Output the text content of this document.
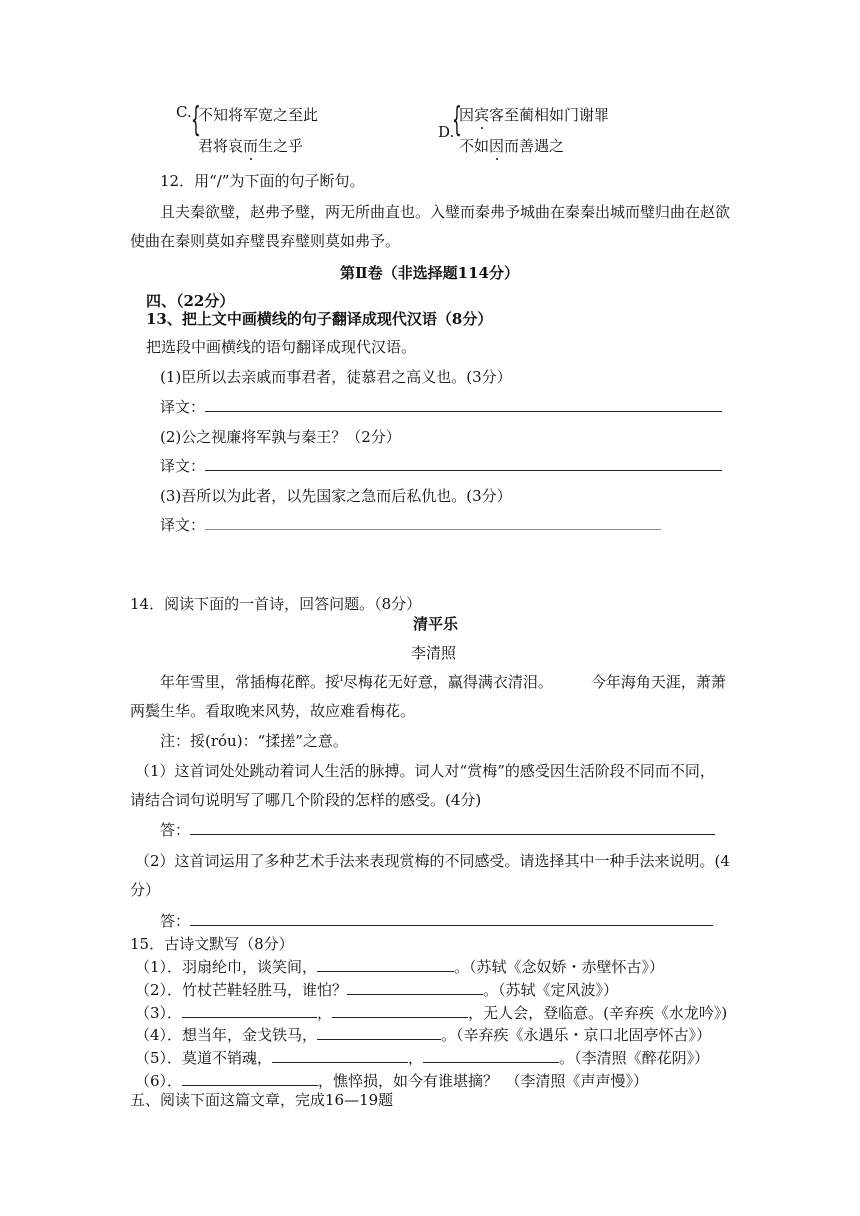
C. {
不知将军宽之至此
君将哀而生之乎
D.
{
因宾客至蔺相如门谢罪
不如因而善遇之
12．用“/”为下面的句子断句。
且夫秦欲璧，赵弗予璧，两无所曲直也。入璧而秦弗予城曲在秦秦出城而璧归曲在赵欲
使曲在秦则莫如弃璧畏弃璧则莫如弗予。
第Ⅱ卷（非选择题114分）
四、（22分）
13、把上文中画横线的句子翻译成现代汉语（8分）
把选段中画横线的语句翻译成现代汉语。
(1)臣所以去亲戚而事君者，徒慕君之高义也。(3分）
译文：
(2)公之视廉将军孰与秦王？（2分）
译文：
(3)吾所以为此者，以先国家之急而后私仇也。(3分）
译文：
14．阅读下面的一首诗，回答问题。（8分）
清平乐
李清照
年年雪里，常插梅花醉。挼$^ɪ$尽梅花无好意，赢得满衣清泪。	今年海角天涯，萧萧
两鬓生华。看取晚来风势，故应难看梅花。
注：挼(róu)：“揉搓”之意。
（1）这首词处处跳动着词人生活的脉搏。词人对“赏梅”的感受因生活阶段不同而不同，
请结合词句说明写了哪几个阶段的怎样的感受。(4分)
答：
（2）这首词运用了多种艺术手法来表现赏梅的不同感受。请选择其中一种手法来说明。(4
分）
答：
15．古诗文默写（8分）
（1）．羽扇纶巾，谈笑间，	。（苏轼《念奴娇・赤壁怀古》）
（2）．竹杖芒鞋轻胜马，谁怕？	。（苏轼《定风波》）
（3）．	，	，无人会，登临意。(辛弃疾《水龙吟》)
（4）．想当年，金戈铁马，	。（辛弃疾《永遇乐・京口北固亭怀古》）
（5）．莫道不销魂，	，	。（李清照《醉花阴》）
（6）．	，憔悴损，如今有谁堪摘？　（李清照《声声慢》）
五、阅读下面这篇文章，完成16—19题
